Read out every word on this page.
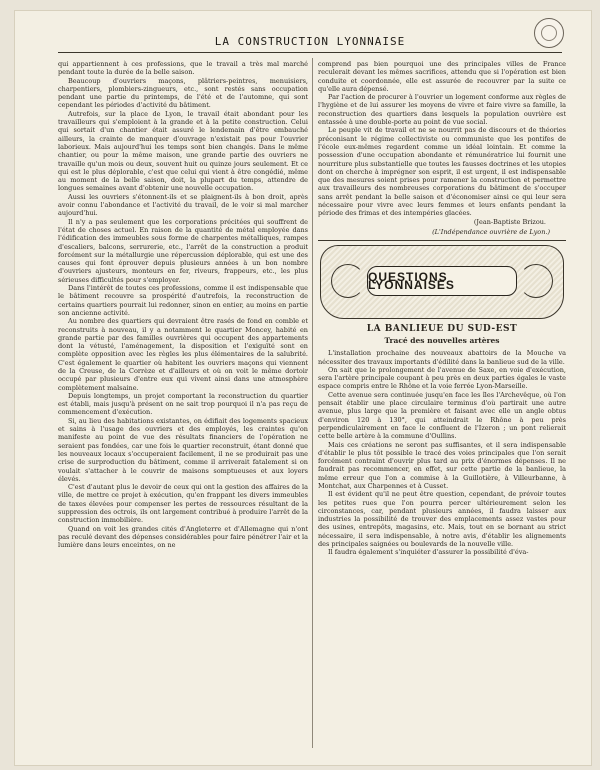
LA CONSTRUCTION LYONNAISE

qui appartiennent à ces professions, que le travail a très mal marché pendant toute la durée de la belle saison.

Beaucoup d'ouvriers maçons, plâtriers-peintres, menuisiers, charpentiers, plombiers-zingueurs, etc., sont restés sans occupation pendant une partie du printemps, de l'été et de l'automne, qui sont cependant les périodes d'activité du bâtiment.

Autrefois, sur la place de Lyon, le travail était abondant pour les travailleurs qui s'emploient à la grande et à la petite construction. Celui qui sortait d'un chantier était assuré le lendemain d'être embauché ailleurs, la crainte de manquer d'ouvrage n'existait pas pour l'ouvrier laborieux. Mais aujourd'hui les temps sont bien changés. Dans le même chantier, ou pour la même maison, une grande partie des ouvriers ne travaille qu'un mois ou deux, souvent huit ou quinze jours seulement. Et ce qui est le plus déplorable, c'est que celui qui vient à être congédié, même au moment de la belle saison, doit, la plupart du temps, attendre de longues semaines avant d'obtenir une nouvelle occupation.

Aussi les ouvriers s'étonnent-ils et se plaignent-ils à bon droit, après avoir connu l'abondance et l'activité du travail, de le voir si mal marcher aujourd'hui.

Il n'y a pas seulement que les corporations précitées qui souffrent de l'état de choses actuel. En raison de la quantité de métal employée dans l'édification des immeubles sous forme de charpentes métalliques, rampes d'escaliers, balcons, serrurerie, etc., l'arrêt de la construction a produit forcément sur la métallurgie une répercussion déplorable, qui est une des causes qui font éprouver depuis plusieurs années à un bon nombre d'ouvriers ajusteurs, monteurs en fer, riveurs, frappeurs, etc., les plus sérieuses difficultés pour s'employer.

Dans l'intérêt de toutes ces professions, comme il est indispensable que le bâtiment recouvre sa prospérité d'autrefois, la reconstruction de certains quartiers pourrait lui redonner, sinon en entier, au moins en partie son ancienne activité.

Au nombre des quartiers qui devraient être rasés de fond en comble et reconstruits à nouveau, il y a notamment le quartier Moncey, habité en grande partie par des familles ouvrières qui occupent des appartements dont la vétusté, l'aménagement, la disposition et l'exiguïté sont en complète opposition avec les règles les plus élémentaires de la salubrité. C'est également le quartier où habitent les ouvriers maçons qui viennent de la Creuse, de la Corrèze et d'ailleurs et où on voit le même dortoir occupé par plusieurs d'entre eux qui vivent ainsi dans une atmosphère complètement malsaine.

Depuis longtemps, un projet comportant la reconstruction du quartier est établi, mais jusqu'à présent on ne sait trop pourquoi il n'a pas reçu de commencement d'exécution.

Si, au lieu des habitations existantes, on édifiait des logements spacieux et sains à l'usage des ouvriers et des employés, les craintes qu'on manifeste au point de vue des résultats financiers de l'opération ne seraient pas fondées, car une fois le quartier reconstruit, étant donné que les nouveaux locaux s'occuperaient facilement, il ne se produirait pas une crise de surproduction du bâtiment, comme il arriverait fatalement si on voulait s'attacher à le couvrir de maisons somptueuses et aux loyers élevés.

C'est d'autant plus le devoir de ceux qui ont la gestion des affaires de la ville, de mettre ce projet à exécution, qu'en frappant les divers immeubles de taxes élevées pour compenser les pertes de ressources résultant de la suppression des octrois, ils ont largement contribué à produire l'arrêt de la construction immobilière.

Quand on voit les grandes cités d'Angleterre et d'Allemagne qui n'ont pas reculé devant des dépenses considérables pour faire pénétrer l'air et la lumière dans leurs enceintes, on ne

comprend pas bien pourquoi une des principales villes de France reculerait devant les mêmes sacrifices, attendu que si l'opération est bien conduite et coordonnée, elle est assurée de recouvrer par la suite ce qu'elle aura dépensé.

Par l'action de procurer à l'ouvrier un logement conforme aux règles de l'hygiène et de lui assurer les moyens de vivre et faire vivre sa famille, la reconstruction des quartiers dans lesquels la population ouvrière est entassée à une double-porte au point de vue social.

Le peuple vit de travail et ne se nourrit pas de discours et de théories préconisant le régime collectiviste ou communiste que les pontifes de l'école eux-mêmes regardent comme un idéal lointain. Et comme la possession d'une occupation abondante et rémunératrice lui fournit une nourriture plus substantielle que toutes les fausses doctrines et les utopies dont on cherche à imprégner son esprit, il est urgent, il est indispensable que des mesures soient prises pour ramener la construction et permettre aux travailleurs des nombreuses corporations du bâtiment de s'occuper sans arrêt pendant la belle saison et d'économiser ainsi ce qui leur sera nécessaire pour vivre avec leurs femmes et leurs enfants pendant la période des frimas et des intempéries glacées.

(Jean-Baptiste Brizou.

(L'Indépendance ouvrière de Lyon.)

QUESTIONS LYONNAISES
LA BANLIEUE DU SUD-EST
Tracé des nouvelles artères

L'installation prochaine des nouveaux abattoirs de la Mouche va nécessiter des travaux importants d'édilité dans la banlieue sud de la ville.

On sait que le prolongement de l'avenue de Saxe, en voie d'exécution, sera l'artère principale coupant à peu près en deux parties égales le vaste espace compris entre le Rhône et la voie ferrée Lyon-Marseille.

Cette avenue sera continuée jusqu'en face les îles l'Archevêque, où l'on pensait établir une place circulaire terminus d'où partirait une autre avenue, plus large que la première et faisant avec elle un angle obtus d'environ 120 à 130°, qui atteindrait le Rhône à peu près perpendiculairement en face le confluent de l'Izeron ; un pont relierait cette belle artère à la commune d'Oullins.

Mais ces créations ne seront pas suffisantes, et il sera indispensable d'établir le plus tôt possible le tracé des voies principales que l'on serait forcément contraint d'ouvrir plus tard au prix d'énormes dépenses. Il ne faudrait pas recommencer, en effet, sur cette partie de la banlieue, la même erreur que l'on a commise à la Guillotière, à Villeurbanne, à Montchat, aux Charpennes et à Cusset.

Il est évident qu'il ne peut être question, cependant, de prévoir toutes les petites rues que l'on pourra percer ultérieurement selon les circonstances, car, pendant plusieurs années, il faudra laisser aux industries la possibilité de trouver des emplacements assez vastes pour des usines, entrepôts, magasins, etc. Mais, tout en se bornant au strict nécessaire, il sera indispensable, à notre avis, d'établir les alignements des principales saignées ou boulevards de la nouvelle ville.

Il faudra également s'inquiéter d'assurer la possibilité d'éva-
